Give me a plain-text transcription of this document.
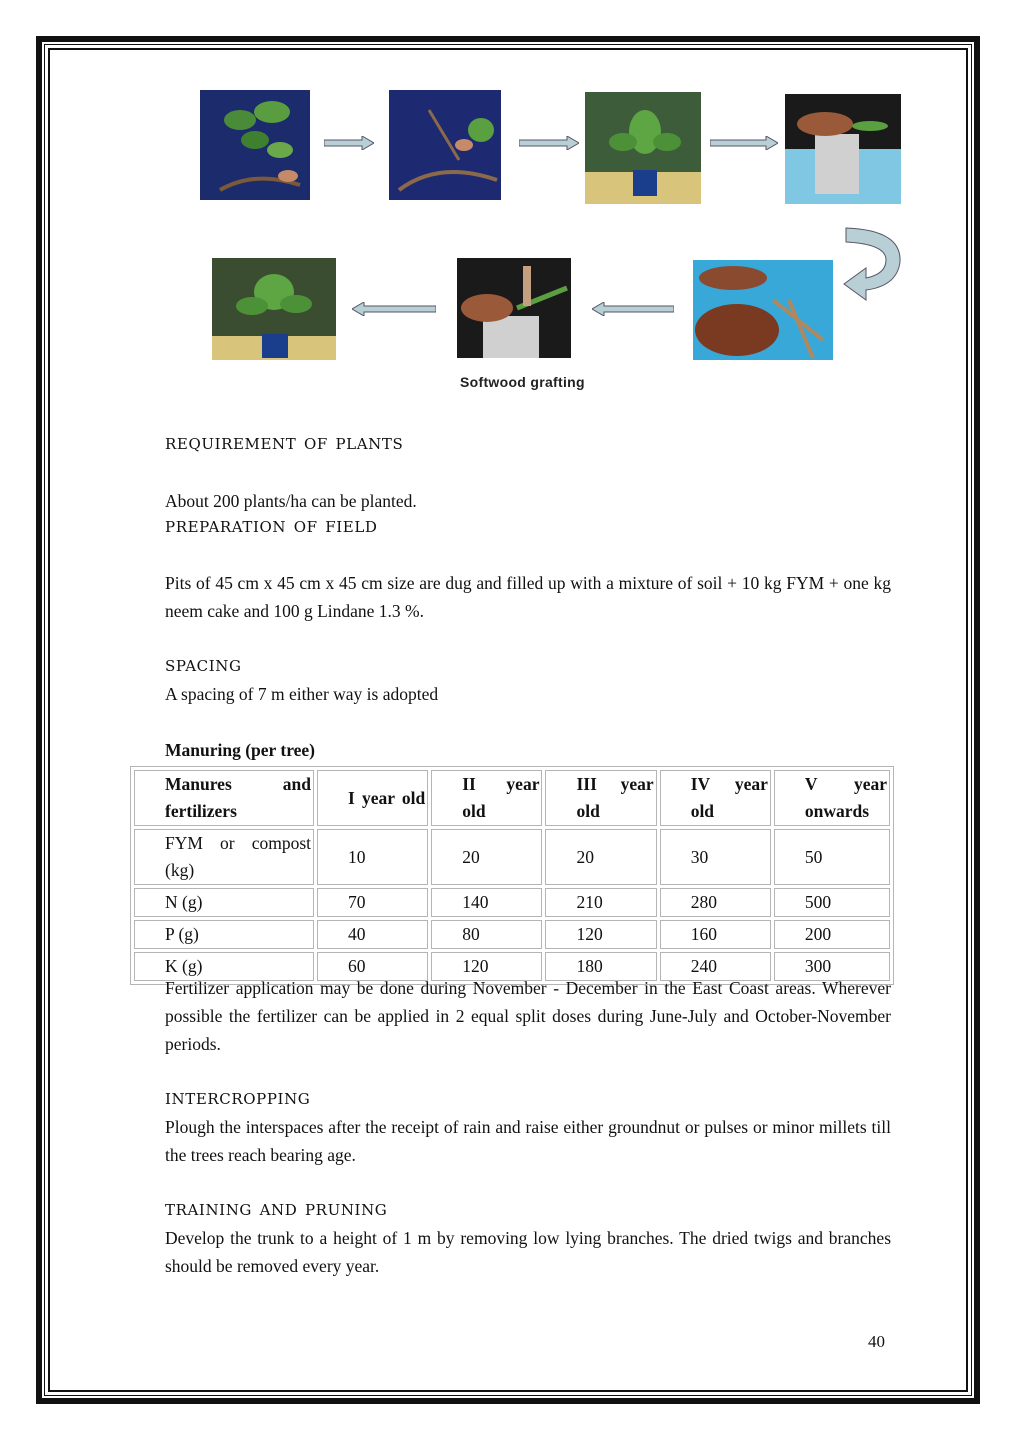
Softwood grafting
requirement of plants
About 200 plants/ha can be planted.
preparation of field
Pits of 45 cm x 45 cm x 45 cm size are dug and filled up with a mixture of soil + 10 kg FYM + one kg neem cake and 100 g Lindane 1.3 %.
spacing
A spacing of 7 m either way is adopted
Manuring (per tree)
Manures and fertilizers	I year old	II year old	III year old	IV year old	V year onwards
FYM or compost (kg)	10	20	20	30	50
N (g)	70	140	210	280	500
P (g)	40	80	120	160	200
K (g)	60	120	180	240	300
Fertilizer application may be done during November - December in the East Coast areas. Wherever possible the fertilizer can be applied in 2 equal split doses during June-July and October-November periods.
intercropping
Plough the interspaces after the receipt of rain and raise either groundnut or pulses or minor millets till the trees reach bearing age.
training and pruning
Develop the trunk to a height of 1 m by removing low lying branches. The dried twigs and branches should be removed every year.
40
